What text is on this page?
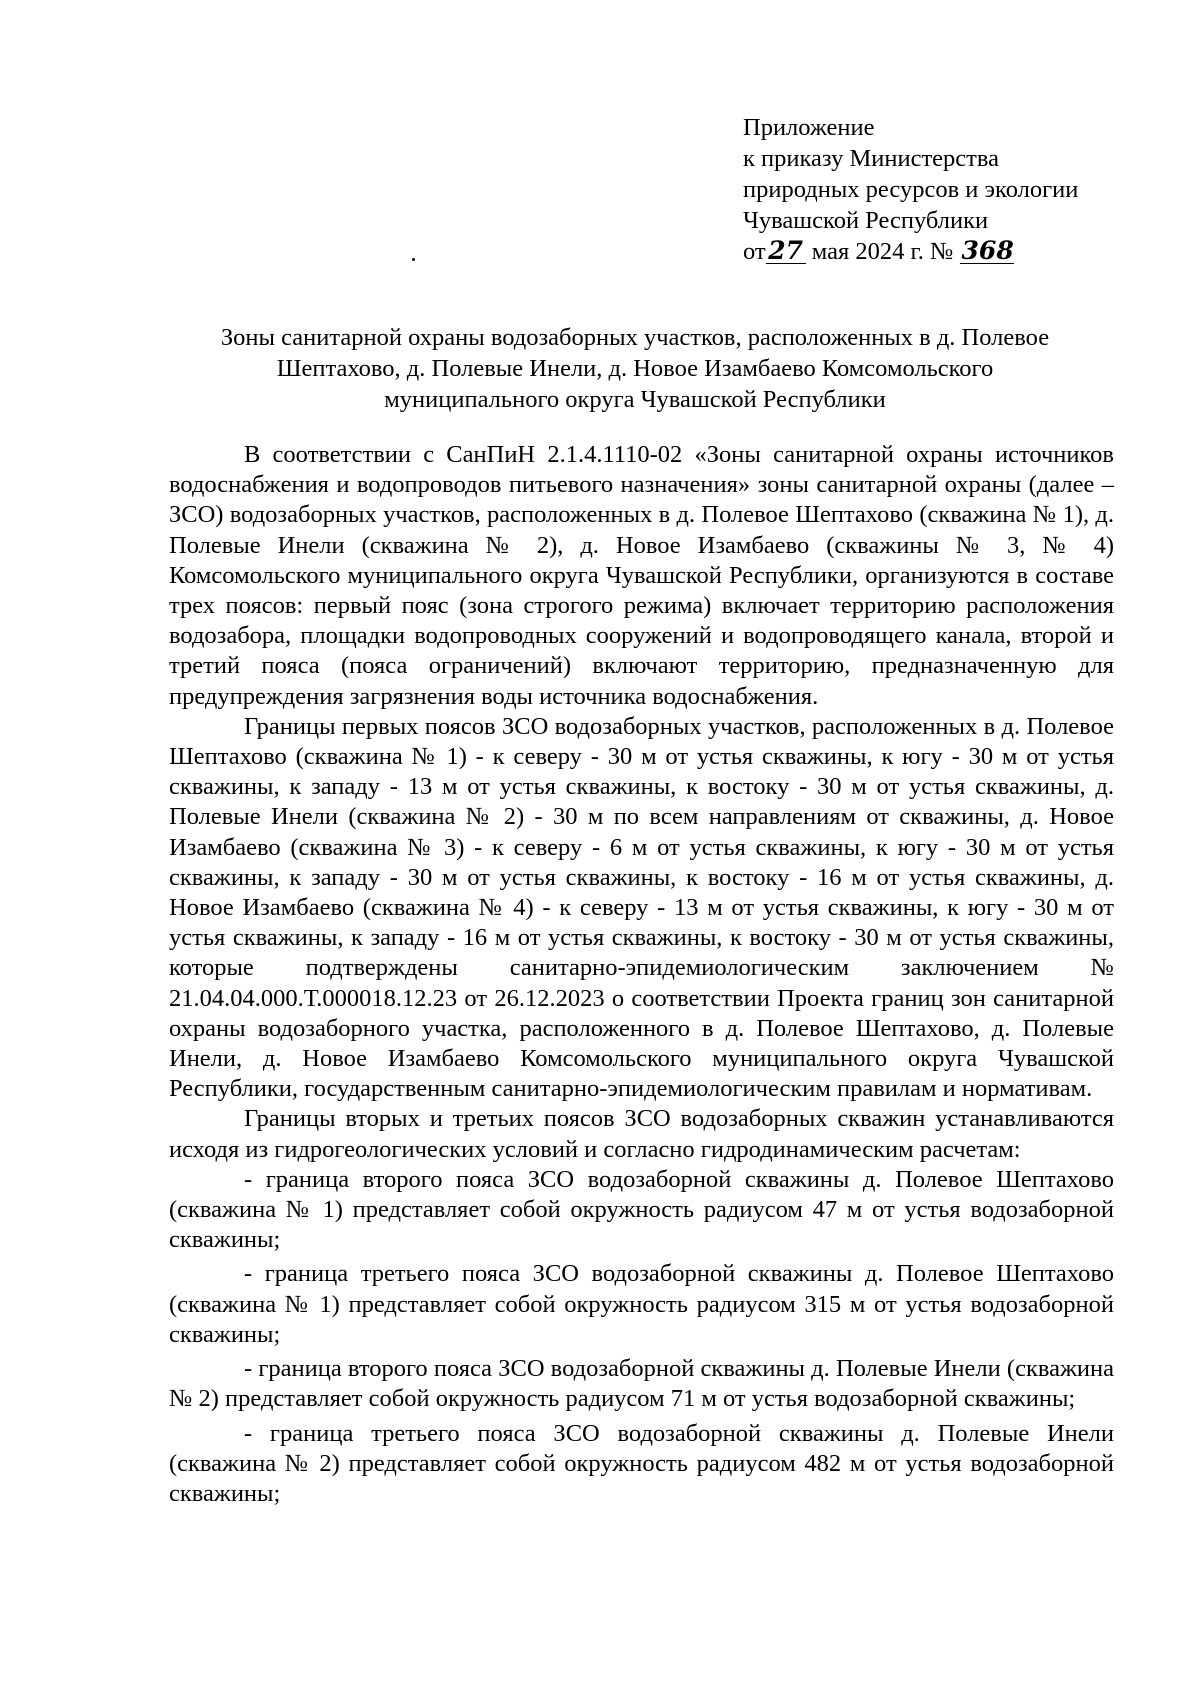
Приложение
к приказу Министерства
природных ресурсов и экологии
Чувашской Республики
от 27 мая 2024 г. № 368
Зоны санитарной охраны водозаборных участков, расположенных в д. Полевое
Шептахово, д. Полевые Инели, д. Новое Изамбаево Комсомольского
муниципального округа Чувашской Республики

В соответствии с СанПиН 2.1.4.1110-02 «Зоны санитарной охраны источников водоснабжения и водопроводов питьевого назначения» зоны санитарной охраны (далее – ЗСО) водозаборных участков, расположенных в д. Полевое Шептахово (скважина № 1), д. Полевые Инели (скважина № 2), д. Новое Изамбаево (скважины № 3, № 4) Комсомольского муниципального округа Чувашской Республики, организуются в составе трех поясов: первый пояс (зона строгого режима) включает территорию расположения водозабора, площадки водопроводных сооружений и водопроводящего канала, второй и третий пояса (пояса ограничений) включают территорию, предназначенную для предупреждения загрязнения воды источника водоснабжения.

Границы первых поясов ЗСО водозаборных участков, расположенных в д. Полевое Шептахово (скважина № 1) - к северу - 30 м от устья скважины, к югу - 30 м от устья скважины, к западу - 13 м от устья скважины, к востоку - 30 м от устья скважины, д. Полевые Инели (скважина № 2) - 30 м по всем направлениям от скважины, д. Новое Изамбаево (скважина № 3) - к северу - 6 м от устья скважины, к югу - 30 м от устья скважины, к западу - 30 м от устья скважины, к востоку - 16 м от устья скважины, д. Новое Изамбаево (скважина № 4) - к северу - 13 м от устья скважины, к югу - 30 м от устья скважины, к западу - 16 м от устья скважины, к востоку - 30 м от устья скважины, которые подтверждены санитарно-эпидемиологическим заключением № 21.04.04.000.Т.000018.12.23 от 26.12.2023 о соответствии Проекта границ зон санитарной охраны водозаборного участка, расположенного в д. Полевое Шептахово, д. Полевые Инели, д. Новое Изамбаево Комсомольского муниципального округа Чувашской Республики, государственным санитарно-эпидемиологическим правилам и нормативам.

Границы вторых и третьих поясов ЗСО водозаборных скважин устанавливаются исходя из гидрогеологических условий и согласно гидродинамическим расчетам:

- граница второго пояса ЗСО водозаборной скважины д. Полевое Шептахово (скважина № 1) представляет собой окружность радиусом 47 м от устья водозаборной скважины;

- граница третьего пояса ЗСО водозаборной скважины д. Полевое Шептахово (скважина № 1) представляет собой окружность радиусом 315 м от устья водозаборной скважины;

- граница второго пояса ЗСО водозаборной скважины д. Полевые Инели (скважина № 2) представляет собой окружность радиусом 71 м от устья водозаборной скважины;

- граница третьего пояса ЗСО водозаборной скважины д. Полевые Инели (скважина № 2) представляет собой окружность радиусом 482 м от устья водозаборной скважины;
